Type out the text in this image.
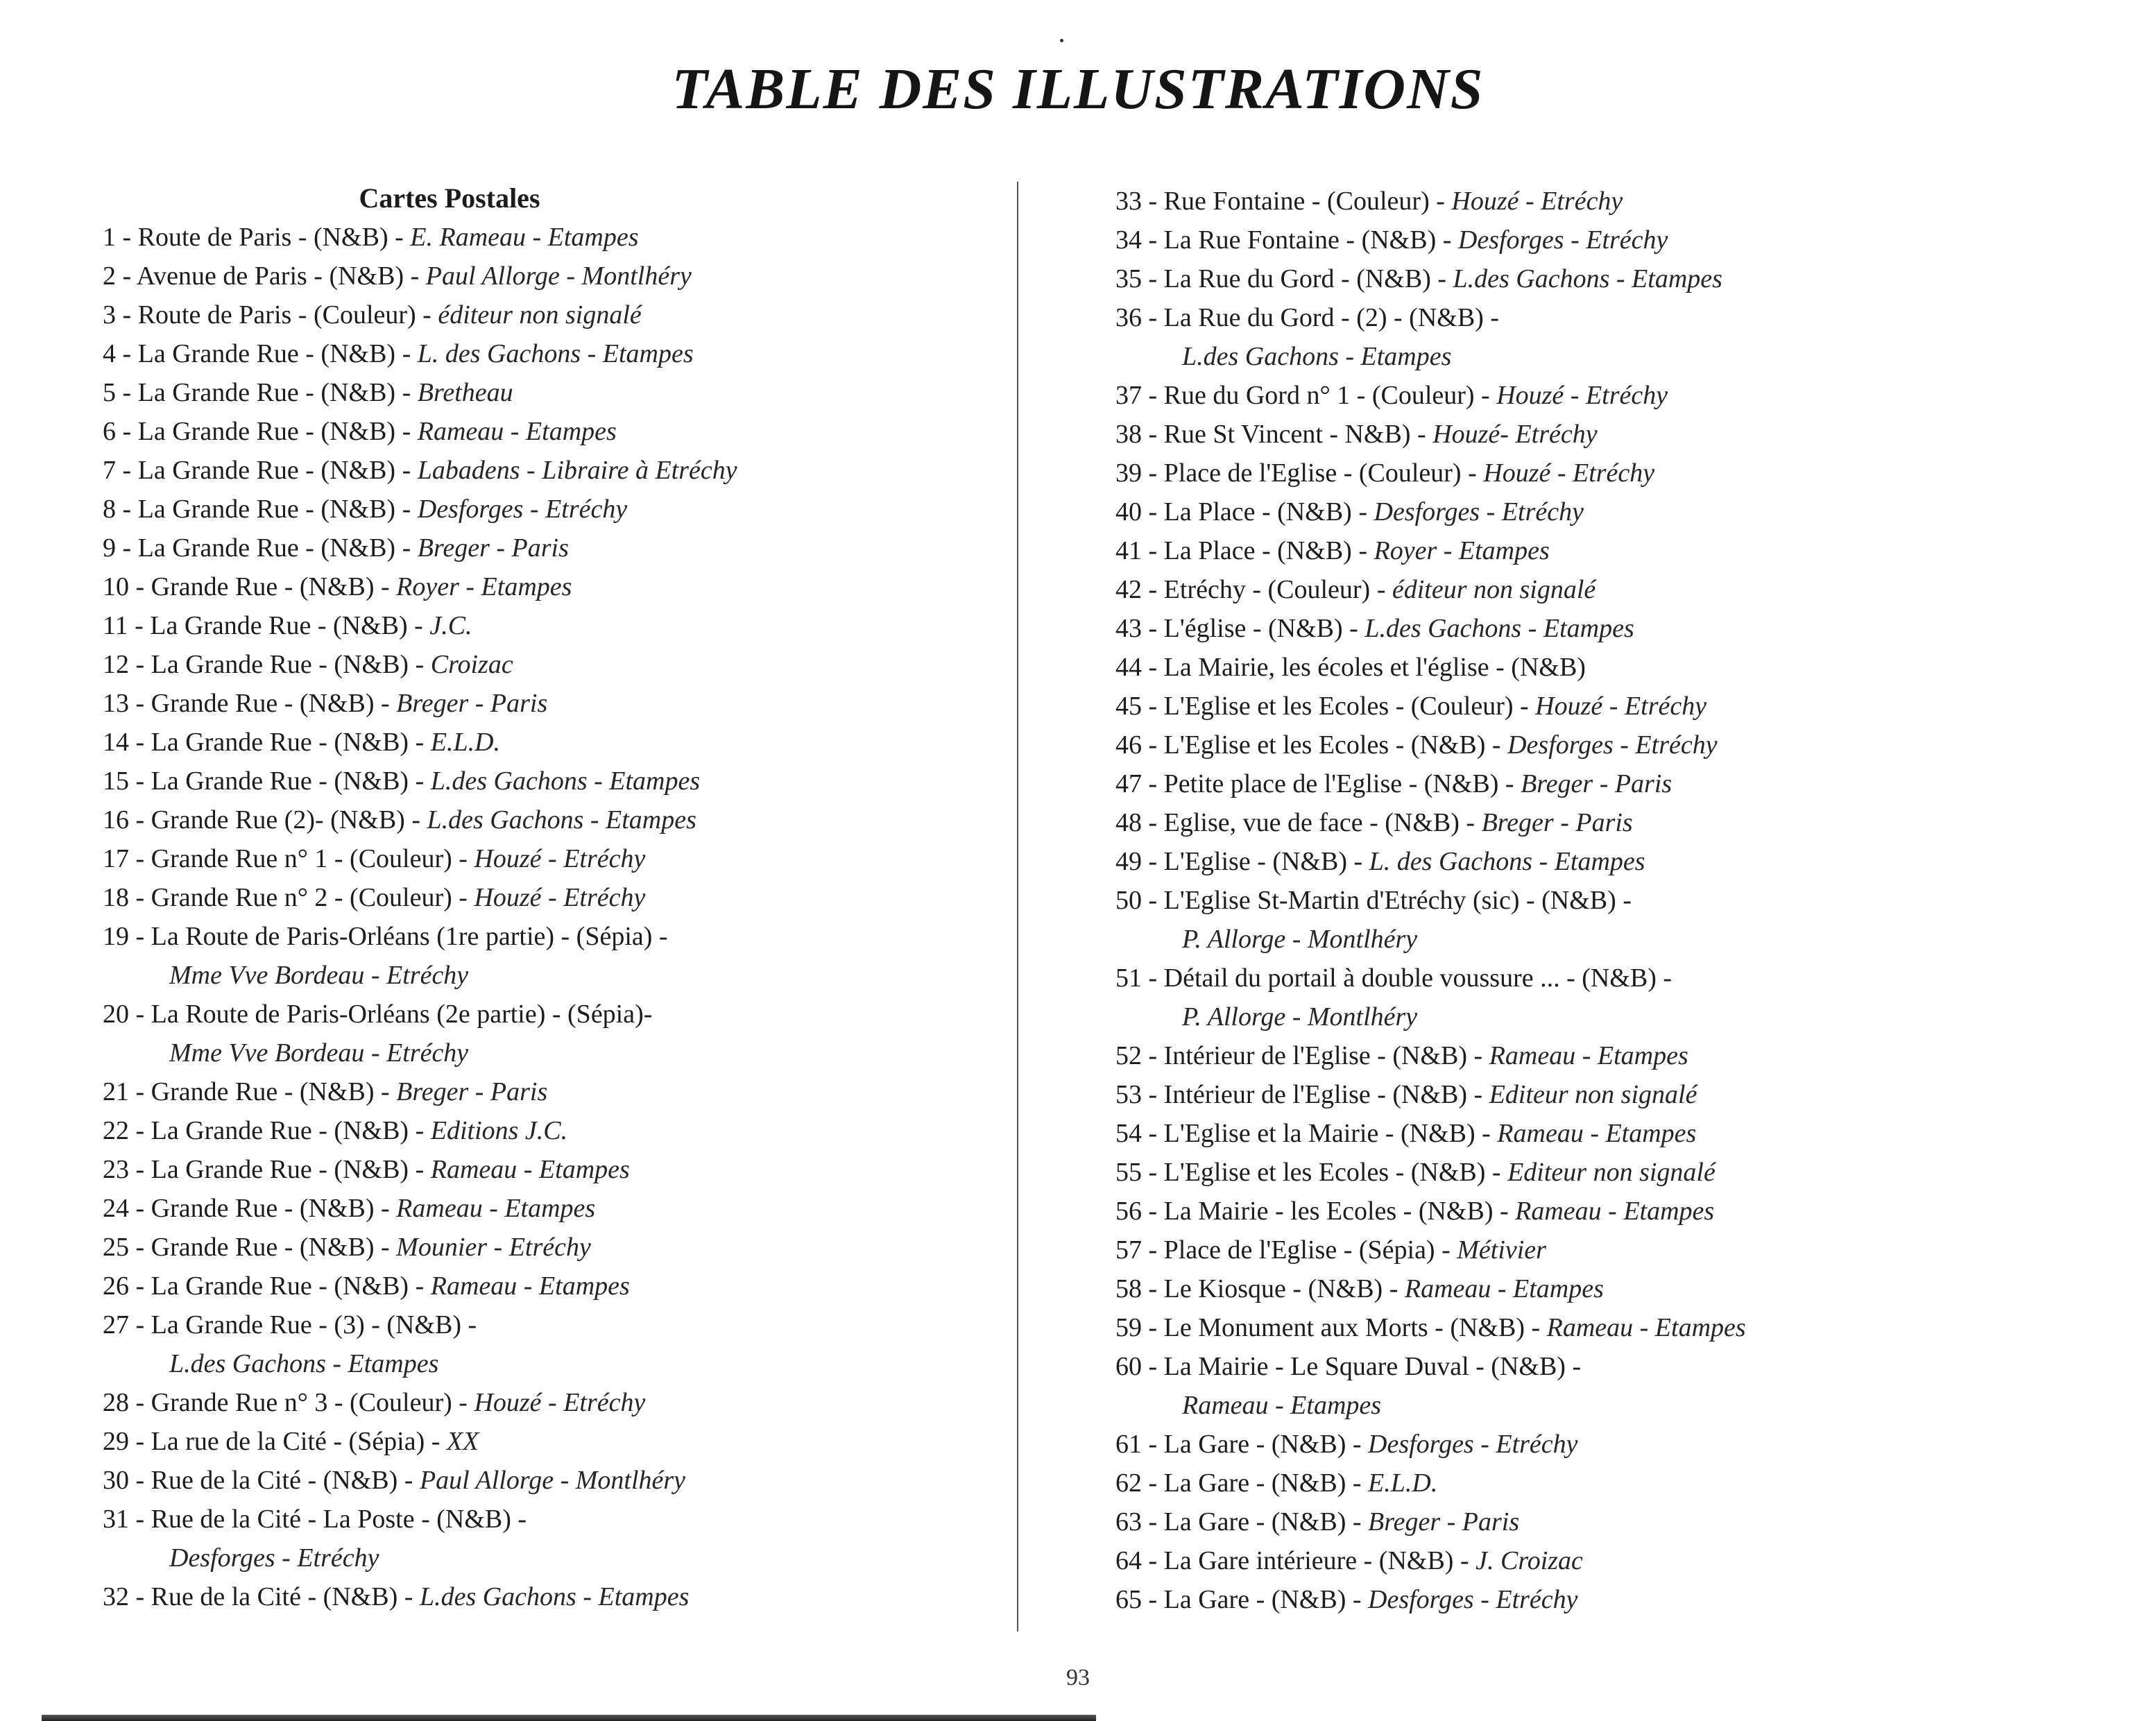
TABLE DES ILLUSTRATIONS
Cartes Postales
1 - Route de Paris - (N&B) - E. Rameau - Etampes
2 - Avenue de Paris - (N&B) - Paul Allorge - Montlhéry
3 - Route de Paris - (Couleur) - éditeur non signalé
4 - La Grande Rue - (N&B) - L. des Gachons - Etampes
5 - La Grande Rue - (N&B) - Bretheau
6 - La Grande Rue - (N&B) - Rameau - Etampes
7 - La Grande Rue - (N&B) - Labadens - Libraire à Etréchy
8 - La Grande Rue - (N&B) - Desforges - Etréchy
9 - La Grande Rue - (N&B) - Breger - Paris
10 - Grande Rue - (N&B) - Royer - Etampes
11 - La Grande Rue - (N&B) - J.C.
12 - La Grande Rue - (N&B) - Croizac
13 - Grande Rue - (N&B) - Breger - Paris
14 - La Grande Rue - (N&B) - E.L.D.
15 - La Grande Rue - (N&B) - L.des Gachons - Etampes
16 - Grande Rue (2)- (N&B) - L.des Gachons - Etampes
17 - Grande Rue n° 1 - (Couleur) - Houzé - Etréchy
18 - Grande Rue n° 2 - (Couleur) - Houzé - Etréchy
19 - La Route de Paris-Orléans (1re partie) - (Sépia) -
Mme Vve Bordeau - Etréchy
20 - La Route de Paris-Orléans (2e partie) - (Sépia)-
Mme Vve Bordeau - Etréchy
21 - Grande Rue - (N&B) - Breger - Paris
22 - La Grande Rue - (N&B) - Editions J.C.
23 - La Grande Rue - (N&B) - Rameau - Etampes
24 - Grande Rue - (N&B) - Rameau - Etampes
25 - Grande Rue - (N&B) - Mounier - Etréchy
26 - La Grande Rue - (N&B) - Rameau - Etampes
27 - La Grande Rue - (3) - (N&B) -
L.des Gachons - Etampes
28 - Grande Rue n° 3 - (Couleur) - Houzé - Etréchy
29 - La rue de la Cité - (Sépia) - XX
30 - Rue de la Cité - (N&B) - Paul Allorge - Montlhéry
31 - Rue de la Cité - La Poste - (N&B) -
Desforges - Etréchy
32 - Rue de la Cité - (N&B) - L.des Gachons - Etampes
33 - Rue Fontaine - (Couleur) - Houzé - Etréchy
34 - La Rue Fontaine - (N&B) - Desforges - Etréchy
35 - La Rue du Gord - (N&B) - L.des Gachons - Etampes
36 - La Rue du Gord - (2) - (N&B) -
L.des Gachons - Etampes
37 - Rue du Gord n° 1 - (Couleur) - Houzé - Etréchy
38 - Rue St Vincent - N&B) - Houzé- Etréchy
39 - Place de l'Eglise - (Couleur) - Houzé - Etréchy
40 - La Place - (N&B) - Desforges - Etréchy
41 - La Place - (N&B) - Royer - Etampes
42 - Etréchy - (Couleur) - éditeur non signalé
43 - L'église - (N&B) - L.des Gachons - Etampes
44 - La Mairie, les écoles et l'église - (N&B)
45 - L'Eglise et les Ecoles - (Couleur) - Houzé - Etréchy
46 - L'Eglise et les Ecoles - (N&B) - Desforges - Etréchy
47 - Petite place de l'Eglise - (N&B) - Breger - Paris
48 - Eglise, vue de face - (N&B) - Breger - Paris
49 - L'Eglise - (N&B) - L. des Gachons - Etampes
50 - L'Eglise St-Martin d'Etréchy (sic) - (N&B) -
P. Allorge - Montlhéry
51 - Détail du portail à double voussure ... - (N&B) -
P. Allorge - Montlhéry
52 - Intérieur de l'Eglise - (N&B) - Rameau - Etampes
53 - Intérieur de l'Eglise - (N&B) - Editeur non signalé
54 - L'Eglise et la Mairie - (N&B) - Rameau - Etampes
55 - L'Eglise et les Ecoles - (N&B) - Editeur non signalé
56 - La Mairie - les Ecoles - (N&B) - Rameau - Etampes
57 - Place de l'Eglise - (Sépia) - Métivier
58 - Le Kiosque - (N&B) - Rameau - Etampes
59 - Le Monument aux Morts - (N&B) - Rameau - Etampes
60 - La Mairie - Le Square Duval - (N&B) -
Rameau - Etampes
61 - La Gare - (N&B) - Desforges - Etréchy
62 - La Gare - (N&B) - E.L.D.
63 - La Gare - (N&B) - Breger - Paris
64 - La Gare intérieure - (N&B) - J. Croizac
65 - La Gare - (N&B) - Desforges - Etréchy
93
